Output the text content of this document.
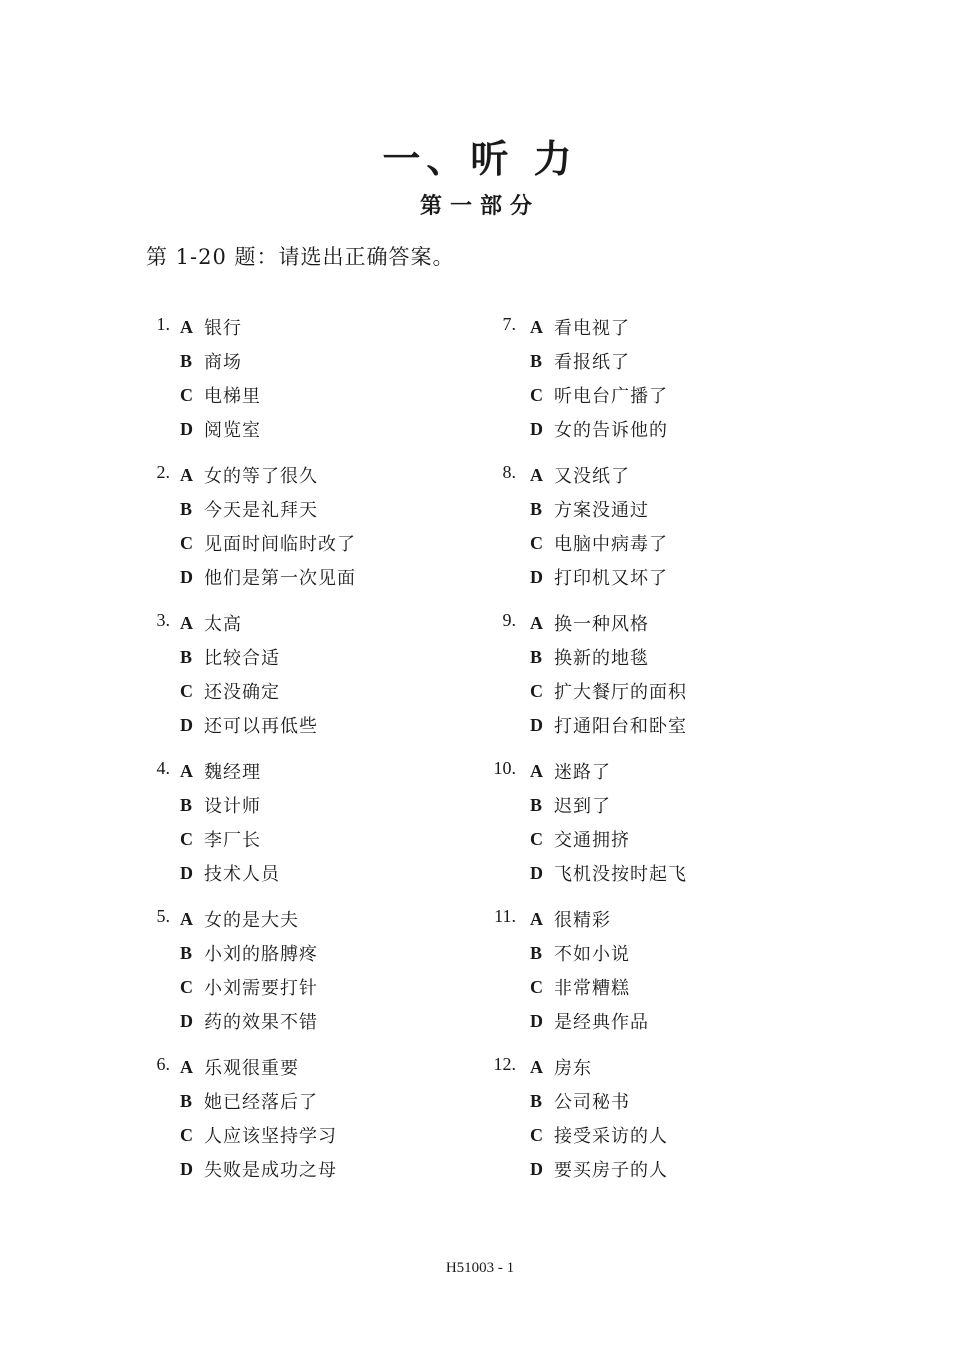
一、听 力
第一部分
第 1-20 题：请选出正确答案。
1. A 银行
B 商场
C 电梯里
D 阅览室
2. A 女的等了很久
B 今天是礼拜天
C 见面时间临时改了
D 他们是第一次见面
3. A 太高
B 比较合适
C 还没确定
D 还可以再低些
4. A 魏经理
B 设计师
C 李厂长
D 技术人员
5. A 女的是大夫
B 小刘的胳膊疼
C 小刘需要打针
D 药的效果不错
6. A 乐观很重要
B 她已经落后了
C 人应该坚持学习
D 失败是成功之母
7. A 看电视了
B 看报纸了
C 听电台广播了
D 女的告诉他的
8. A 又没纸了
B 方案没通过
C 电脑中病毒了
D 打印机又坏了
9. A 换一种风格
B 换新的地毯
C 扩大餐厅的面积
D 打通阳台和卧室
10. A 迷路了
B 迟到了
C 交通拥挤
D 飞机没按时起飞
11. A 很精彩
B 不如小说
C 非常糟糕
D 是经典作品
12. A 房东
B 公司秘书
C 接受采访的人
D 要买房子的人
H51003 - 1
